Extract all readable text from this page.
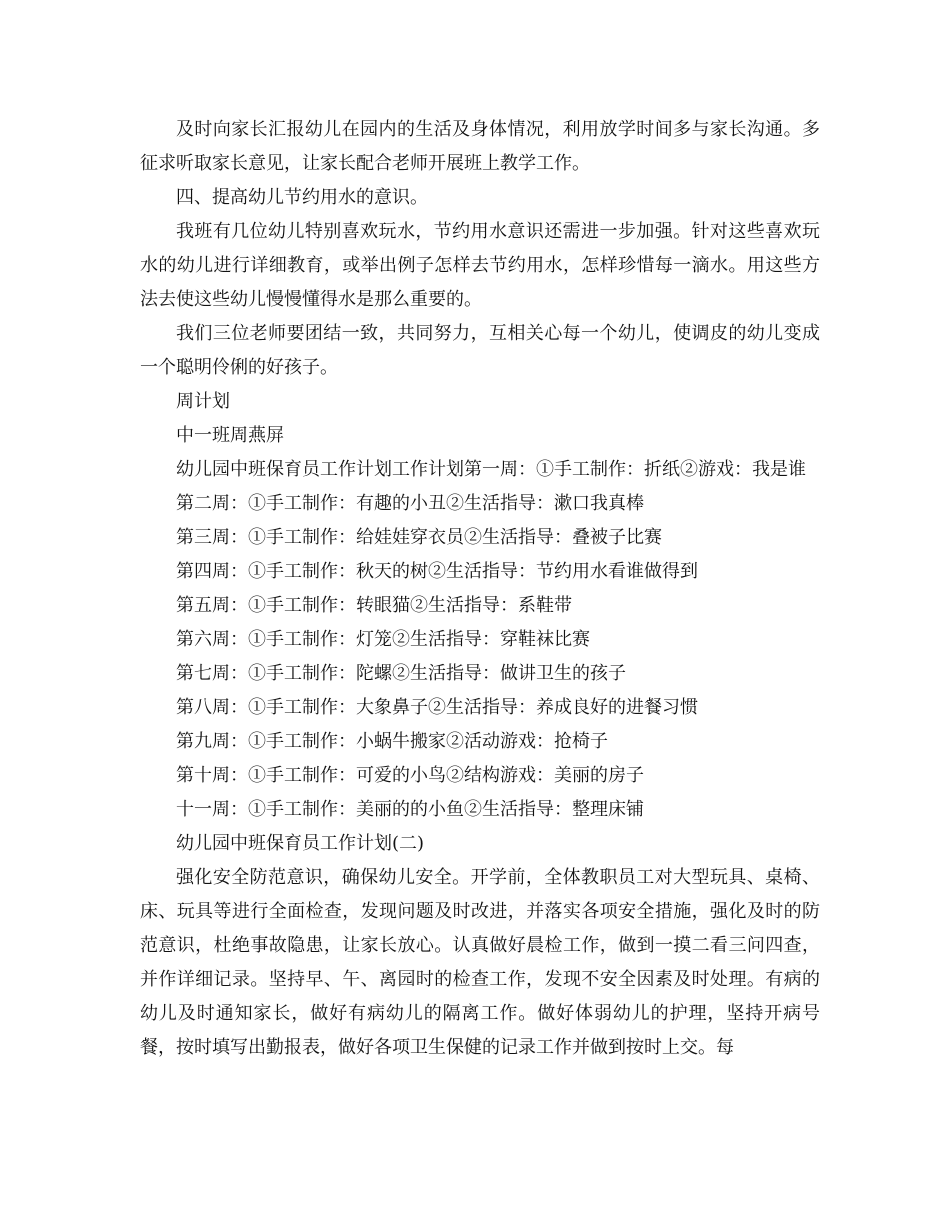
及时向家长汇报幼儿在园内的生活及身体情况，利用放学时间多与家长沟通。多征求听取家长意见，让家长配合老师开展班上教学工作。

四、提高幼儿节约用水的意识。

我班有几位幼儿特别喜欢玩水，节约用水意识还需进一步加强。针对这些喜欢玩水的幼儿进行详细教育，或举出例子怎样去节约用水，怎样珍惜每一滴水。用这些方法去使这些幼儿慢慢懂得水是那么重要的。

我们三位老师要团结一致，共同努力，互相关心每一个幼儿，使调皮的幼儿变成一个聪明伶俐的好孩子。

周计划

中一班周燕屏

幼儿园中班保育员工作计划工作计划第一周：①手工制作：折纸②游戏：我是谁

第二周：①手工制作：有趣的小丑②生活指导：漱口我真棒

第三周：①手工制作：给娃娃穿衣员②生活指导：叠被子比赛

第四周：①手工制作：秋天的树②生活指导：节约用水看谁做得到

第五周：①手工制作：转眼猫②生活指导：系鞋带

第六周：①手工制作：灯笼②生活指导：穿鞋袜比赛

第七周：①手工制作：陀螺②生活指导：做讲卫生的孩子

第八周：①手工制作：大象鼻子②生活指导：养成良好的进餐习惯

第九周：①手工制作：小蜗牛搬家②活动游戏：抢椅子

第十周：①手工制作：可爱的小鸟②结构游戏：美丽的房子

十一周：①手工制作：美丽的的小鱼②生活指导：整理床铺

幼儿园中班保育员工作计划(二)

强化安全防范意识，确保幼儿安全。开学前，全体教职员工对大型玩具、桌椅、床、玩具等进行全面检查，发现问题及时改进，并落实各项安全措施，强化及时的防范意识，杜绝事故隐患，让家长放心。认真做好晨检工作，做到一摸二看三问四查，并作详细记录。坚持早、午、离园时的检查工作，发现不安全因素及时处理。有病的幼儿及时通知家长，做好有病幼儿的隔离工作。做好体弱幼儿的护理，坚持开病号餐，按时填写出勤报表，做好各项卫生保健的记录工作并做到按时上交。每
